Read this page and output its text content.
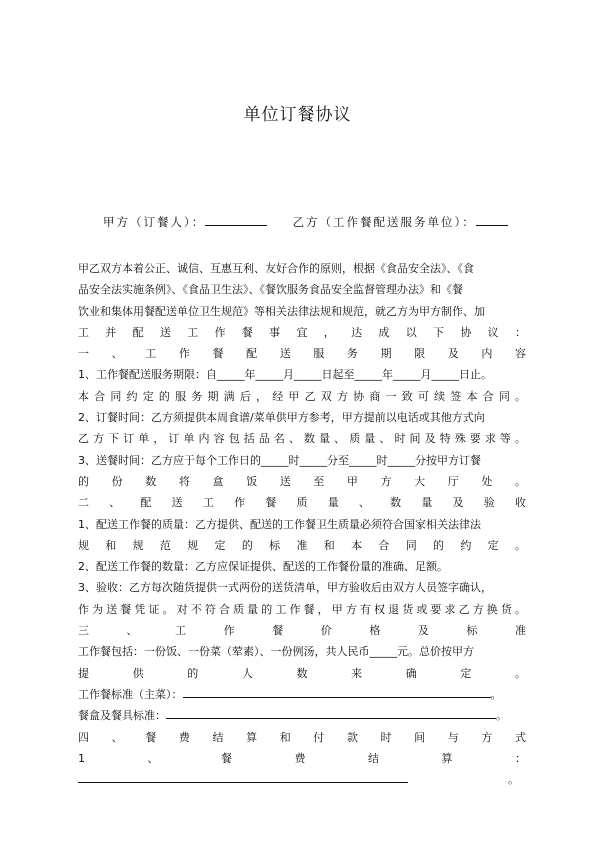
单位订餐协议
甲方（订餐人）：	乙方（工作餐配送服务单位）：
甲乙双方本着公正、诚信、互惠互利、友好合作的原则，根据《食品安全法》、《食
品安全法实施条例》、《食品卫生法》、《餐饮服务食品安全监督管理办法》和《餐
饮业和集体用餐配送单位卫生规范》等相关法律法规和规范，就乙方为甲方制作、加
工并配送工作餐事宜，达成以下协议：
一、工作餐配送服务期限及内容
1、工作餐配送服务期限：自_____年_____月_____日起至_____年_____月_____日止。
本合同约定的服务期满后，经甲乙双方协商一致可续签本合同。
2、订餐时间：乙方须提供本周食谱/菜单供甲方参考，甲方提前以电话或其他方式向
乙方下订单，订单内容包括品名、数量、质量、时间及特殊要求等。
3、送餐时间：乙方应于每个工作日的_____时_____分至_____时_____分按甲方订餐
的份数将盒饭送至甲方大厅处。
二、配送工作餐质量、数量及验收
1、配送工作餐的质量：乙方提供、配送的工作餐卫生质量必须符合国家相关法律法
规和规范规定的标准和本合同的约定。
2、配送工作餐的数量：乙方应保证提供、配送的工作餐份量的准确、足额。
3、验收：乙方每次随货提供一式两份的送货清单，甲方验收后由双方人员签字确认，
作为送餐凭证。对不符合质量的工作餐，甲方有权退货或要求乙方换货。
三、工作餐价格及标准
工作餐包括：一份饭、一份菜（荤素）、一份例汤，共人民币_____元。总价按甲方
提供的人数来确定。
工作餐标准（主菜）：	。
餐盒及餐具标准：	。
四、餐费结算和付款时间与方式
1、餐费结算：
。
